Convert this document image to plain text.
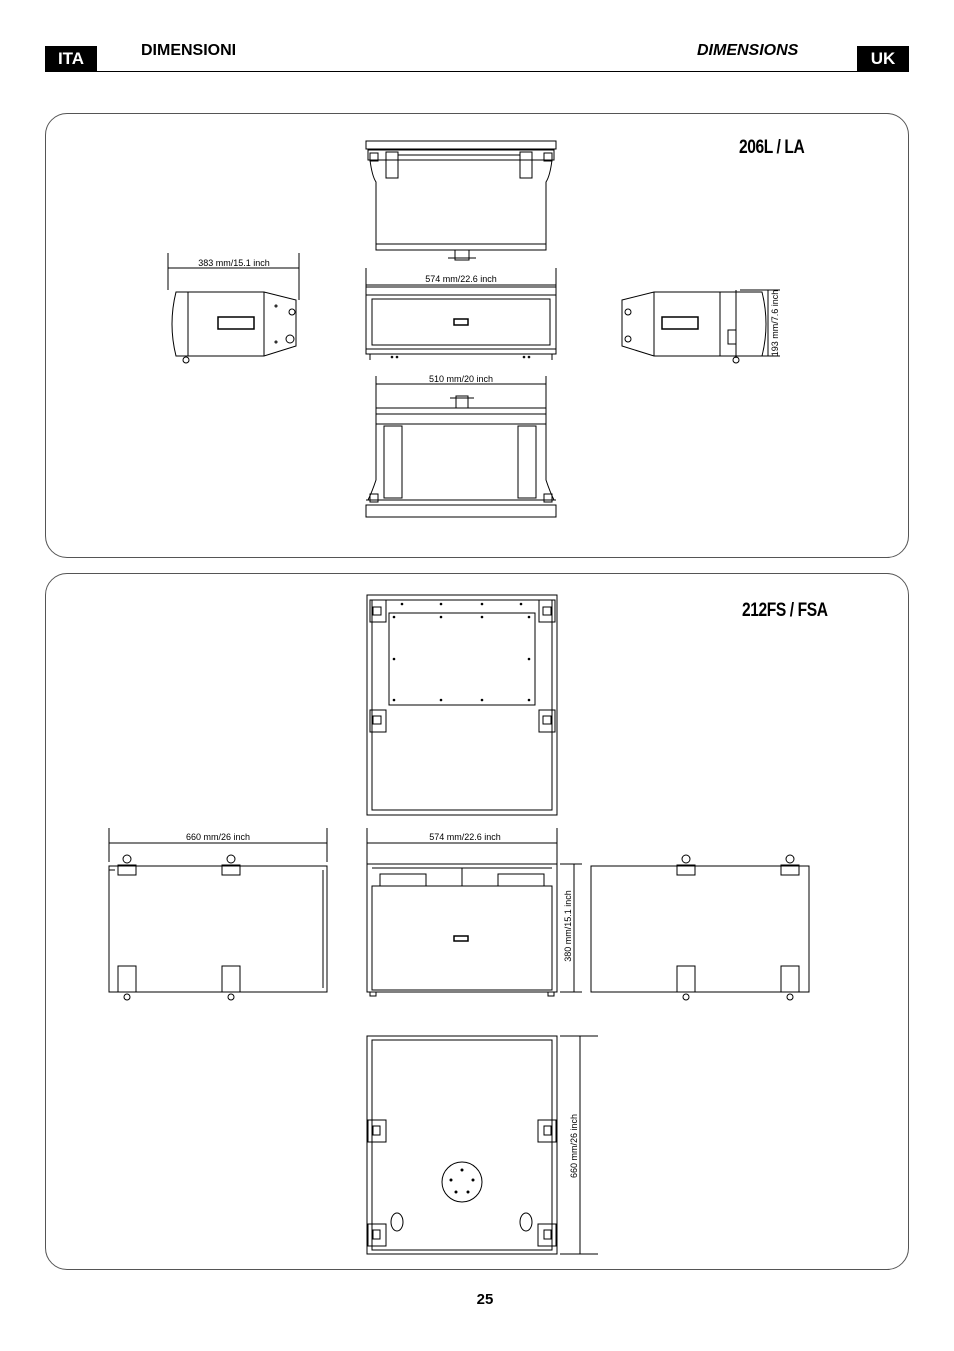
ITA	DIMENSIONI	DIMENSIONS	UK
206L / LA
212FS / FSA
383 mm/15.1 inch
574 mm/22.6 inch
510 mm/20 inch
193 mm/7.6 inch
660 mm/26 inch	574 mm/22.6 inch
380 mm/15.1 inch
660 mm/26 inch
25
